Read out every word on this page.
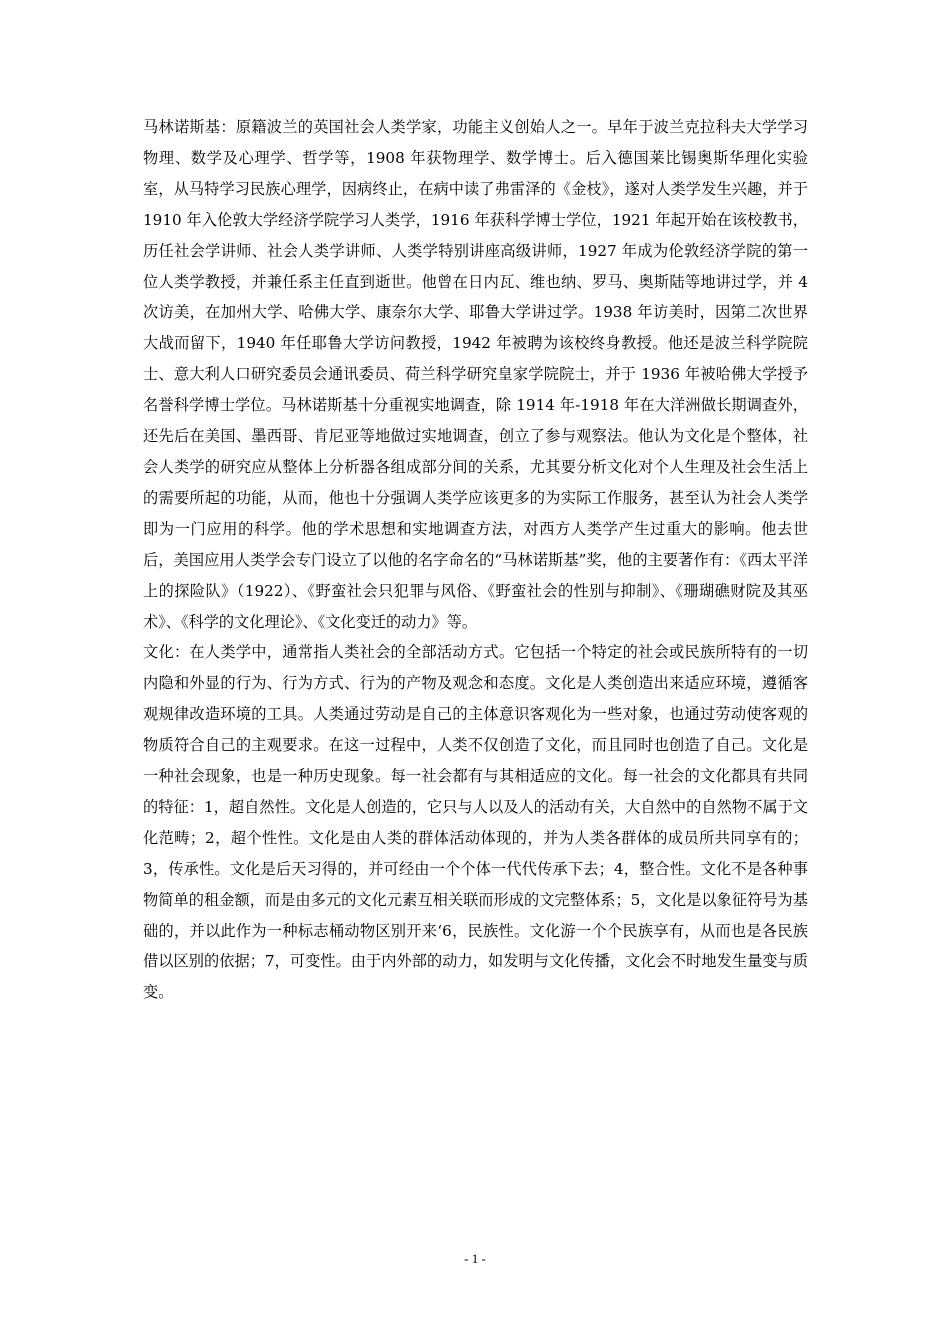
马林诺斯基：原籍波兰的英国社会人类学家，功能主义创始人之一。早年于波兰克拉科夫大学学习物理、数学及心理学、哲学等，1908 年获物理学、数学博士。后入德国莱比锡奥斯华理化实验室，从马特学习民族心理学，因病终止，在病中读了弗雷泽的《金枝》，遂对人类学发生兴趣，并于 1910 年入伦敦大学经济学院学习人类学，1916 年获科学博士学位，1921 年起开始在该校教书，历任社会学讲师、社会人类学讲师、人类学特别讲座高级讲师，1927 年成为伦敦经济学院的第一位人类学教授，并兼任系主任直到逝世。他曾在日内瓦、维也纳、罗马、奥斯陆等地讲过学，并 4 次访美，在加州大学、哈佛大学、康奈尔大学、耶鲁大学讲过学。1938 年访美时，因第二次世界大战而留下，1940 年任耶鲁大学访问教授，1942 年被聘为该校终身教授。他还是波兰科学院院士、意大利人口研究委员会通讯委员、荷兰科学研究皇家学院院士，并于 1936 年被哈佛大学授予名誉科学博士学位。马林诺斯基十分重视实地调查，除 1914 年-1918 年在大洋洲做长期调查外，还先后在美国、墨西哥、肯尼亚等地做过实地调查，创立了参与观察法。他认为文化是个整体，社会人类学的研究应从整体上分析器各组成部分间的关系，尤其要分析文化对个人生理及社会生活上的需要所起的功能，从而，他也十分强调人类学应该更多的为实际工作服务，甚至认为社会人类学即为一门应用的科学。他的学术思想和实地调查方法，对西方人类学产生过重大的影响。他去世后，美国应用人类学会专门设立了以他的名字命名的“马林诺斯基”奖，他的主要著作有：《西太平洋上的探险队》（1922）、《野蛮社会只犯罪与风俗、《野蛮社会的性别与抑制》、《珊瑚礁财院及其巫术》、《科学的文化理论》、《文化变迁的动力》等。

文化：在人类学中，通常指人类社会的全部活动方式。它包括一个特定的社会或民族所特有的一切内隐和外显的行为、行为方式、行为的产物及观念和态度。文化是人类创造出来适应环境，遵循客观规律改造环境的工具。人类通过劳动是自己的主体意识客观化为一些对象，也通过劳动使客观的物质符合自己的主观要求。在这一过程中，人类不仅创造了文化，而且同时也创造了自己。文化是一种社会现象，也是一种历史现象。每一社会都有与其相适应的文化。每一社会的文化都具有共同的特征：1，超自然性。文化是人创造的，它只与人以及人的活动有关，大自然中的自然物不属于文化范畴；2，超个性性。文化是由人类的群体活动体现的，并为人类各群体的成员所共同享有的；3，传承性。文化是后天习得的，并可经由一个个体一代代传承下去；4，整合性。文化不是各种事物简单的租金额，而是由多元的文化元素互相关联而形成的文完整体系；5，文化是以象征符号为基础的，并以此作为一种标志桶动物区别开来‘6，民族性。文化游一个个民族享有，从而也是各民族借以区别的依据；7，可变性。由于内外部的动力，如发明与文化传播，文化会不时地发生量变与质变。

- 1 -
